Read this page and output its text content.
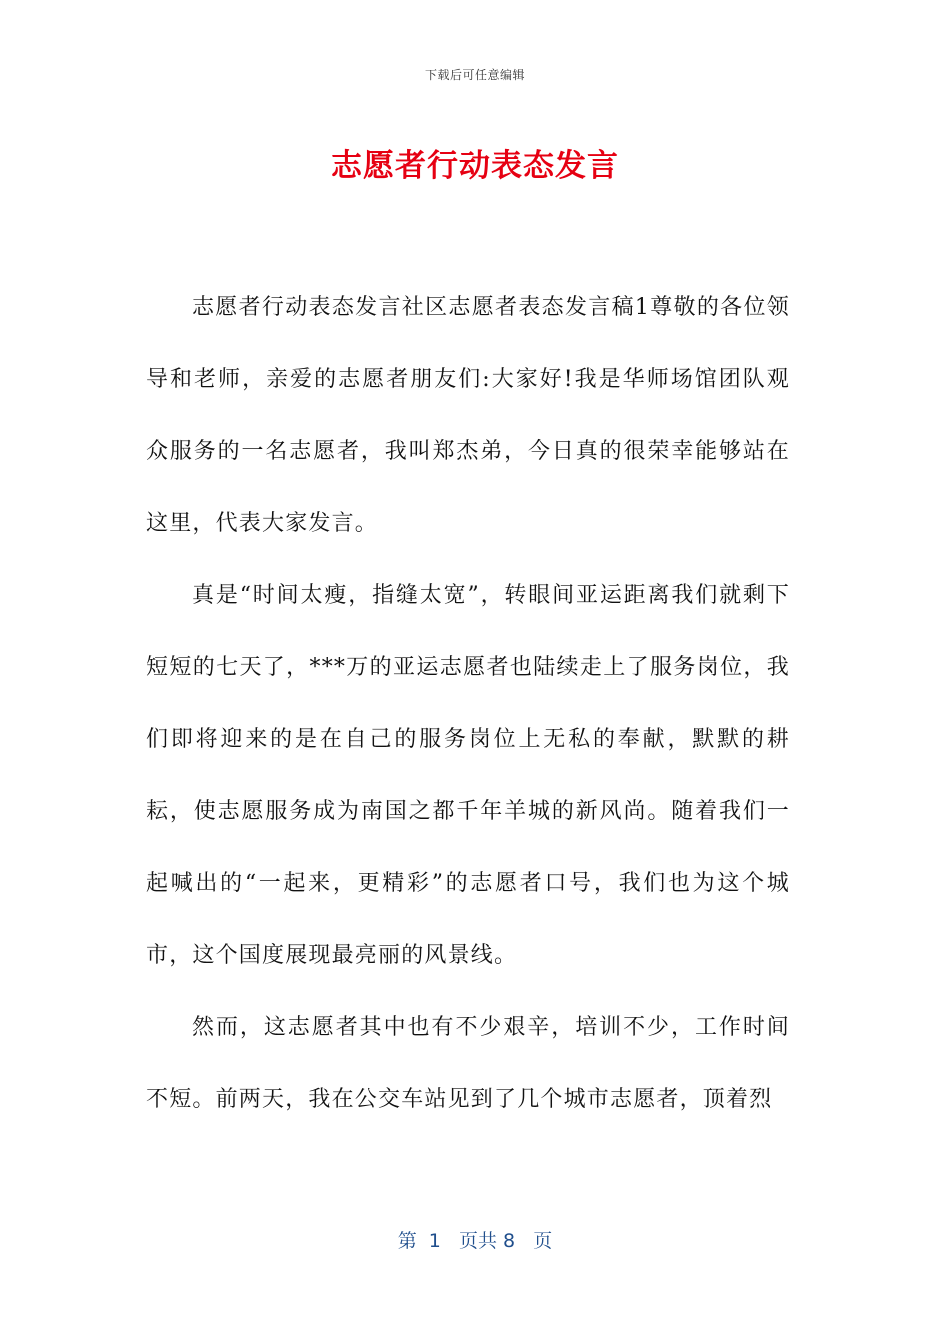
下载后可任意编辑
志愿者行动表态发言

志愿者行动表态发言社区志愿者表态发言稿1尊敬的各位领导和老师，亲爱的志愿者朋友们:大家好!我是华师场馆团队观众服务的一名志愿者，我叫郑杰弟，今日真的很荣幸能够站在这里，代表大家发言。

真是“时间太瘦，指缝太宽”，转眼间亚运距离我们就剩下短短的七天了，***万的亚运志愿者也陆续走上了服务岗位，我们即将迎来的是在自己的服务岗位上无私的奉献，默默的耕耘，使志愿服务成为南国之都千年羊城的新风尚。随着我们一起喊出的“一起来，更精彩”的志愿者口号，我们也为这个城市，这个国度展现最亮丽的风景线。

然而，这志愿者其中也有不少艰辛，培训不少，工作时间不短。前两天，我在公交车站见到了几个城市志愿者，顶着烈

第  1   页共 8   页
